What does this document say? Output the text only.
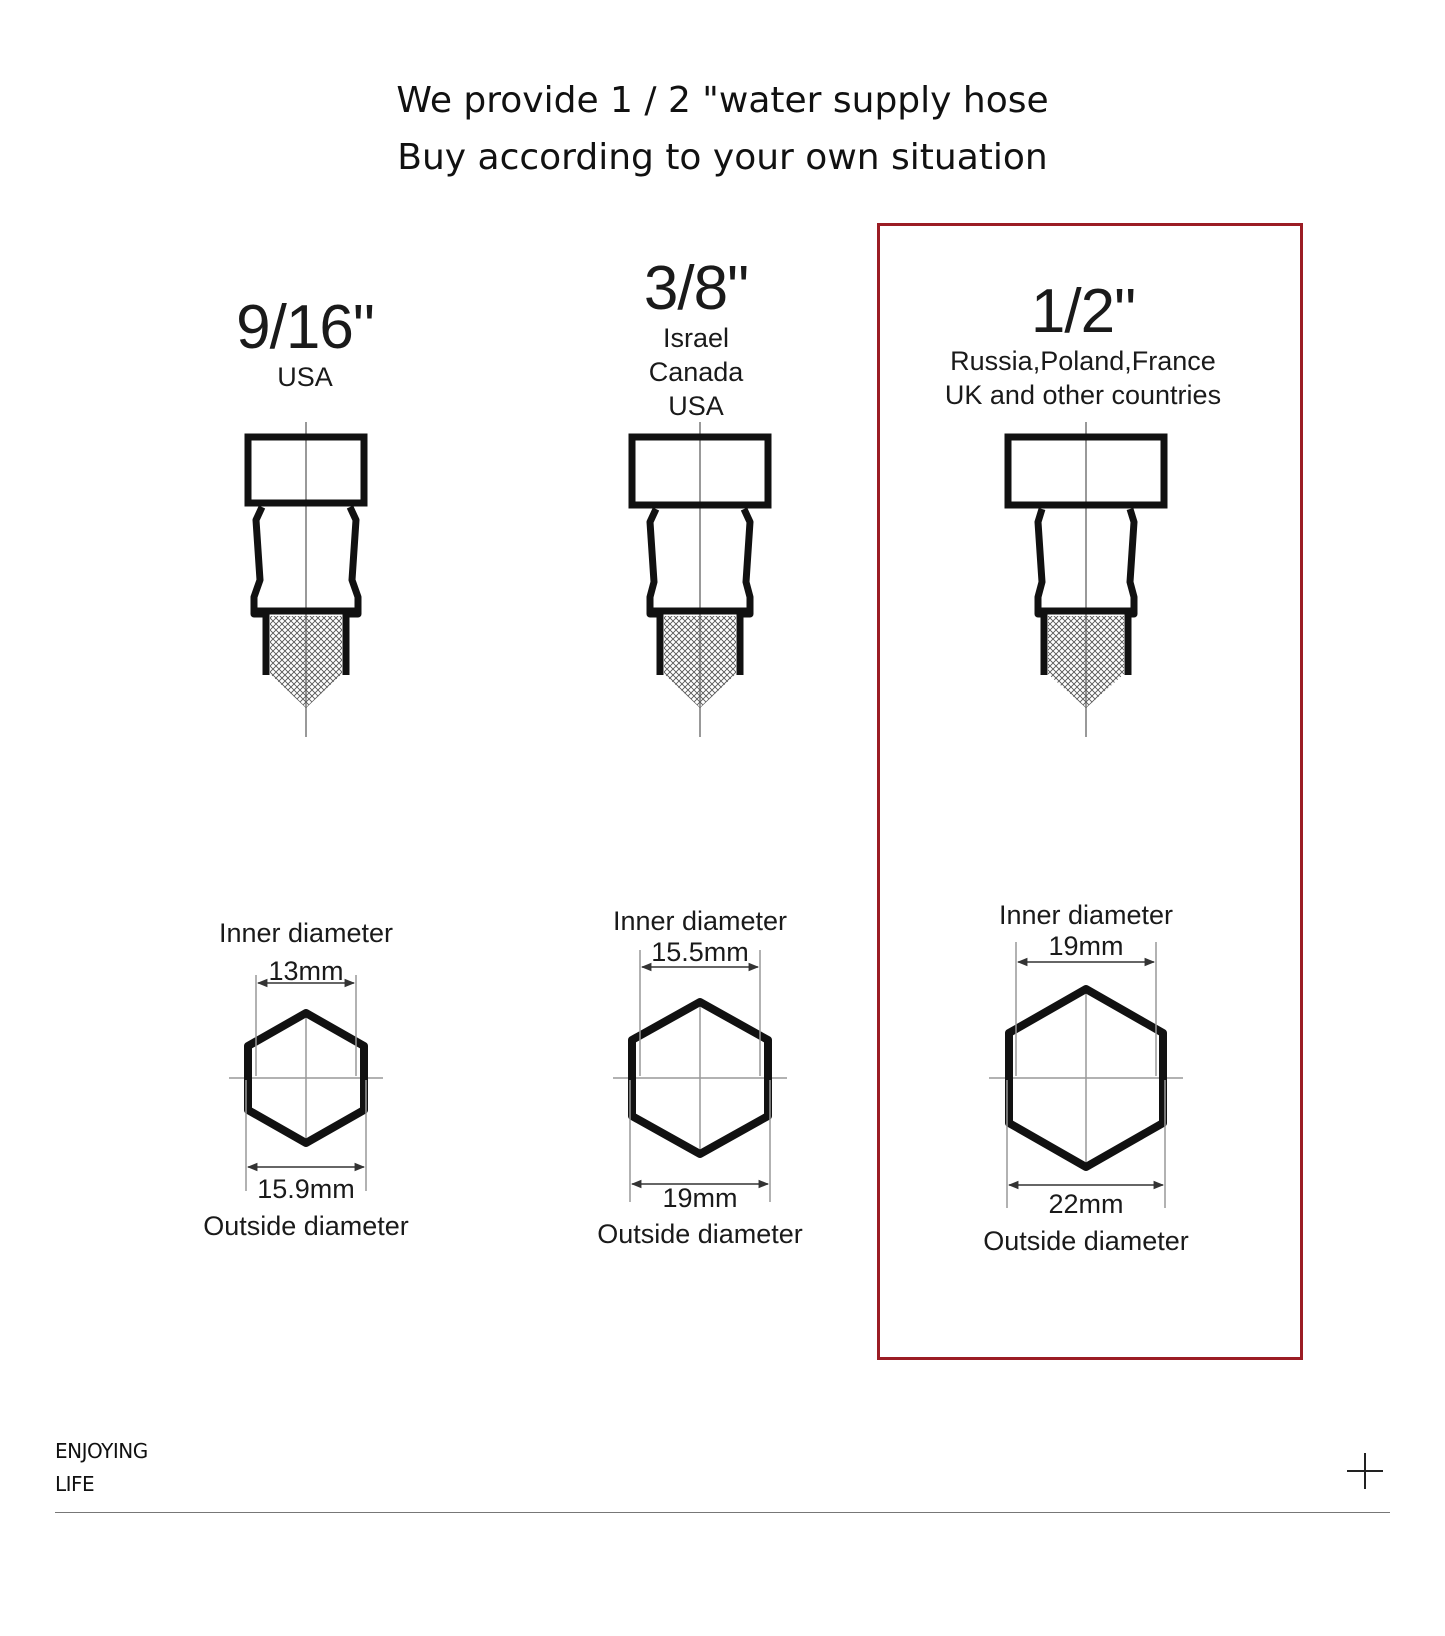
We provide 1 / 2 "water supply hose
Buy according to your own situation
9/16"
USA
3/8"
Israel
Canada
USA
1/2"
Russia,Poland,France
UK and other countries
Inner diameter
13mm
15.9mm
Outside diameter
Inner diameter
15.5mm
19mm
Outside diameter
Inner diameter
19mm
22mm
Outside diameter
ENJOYING
LIFE
